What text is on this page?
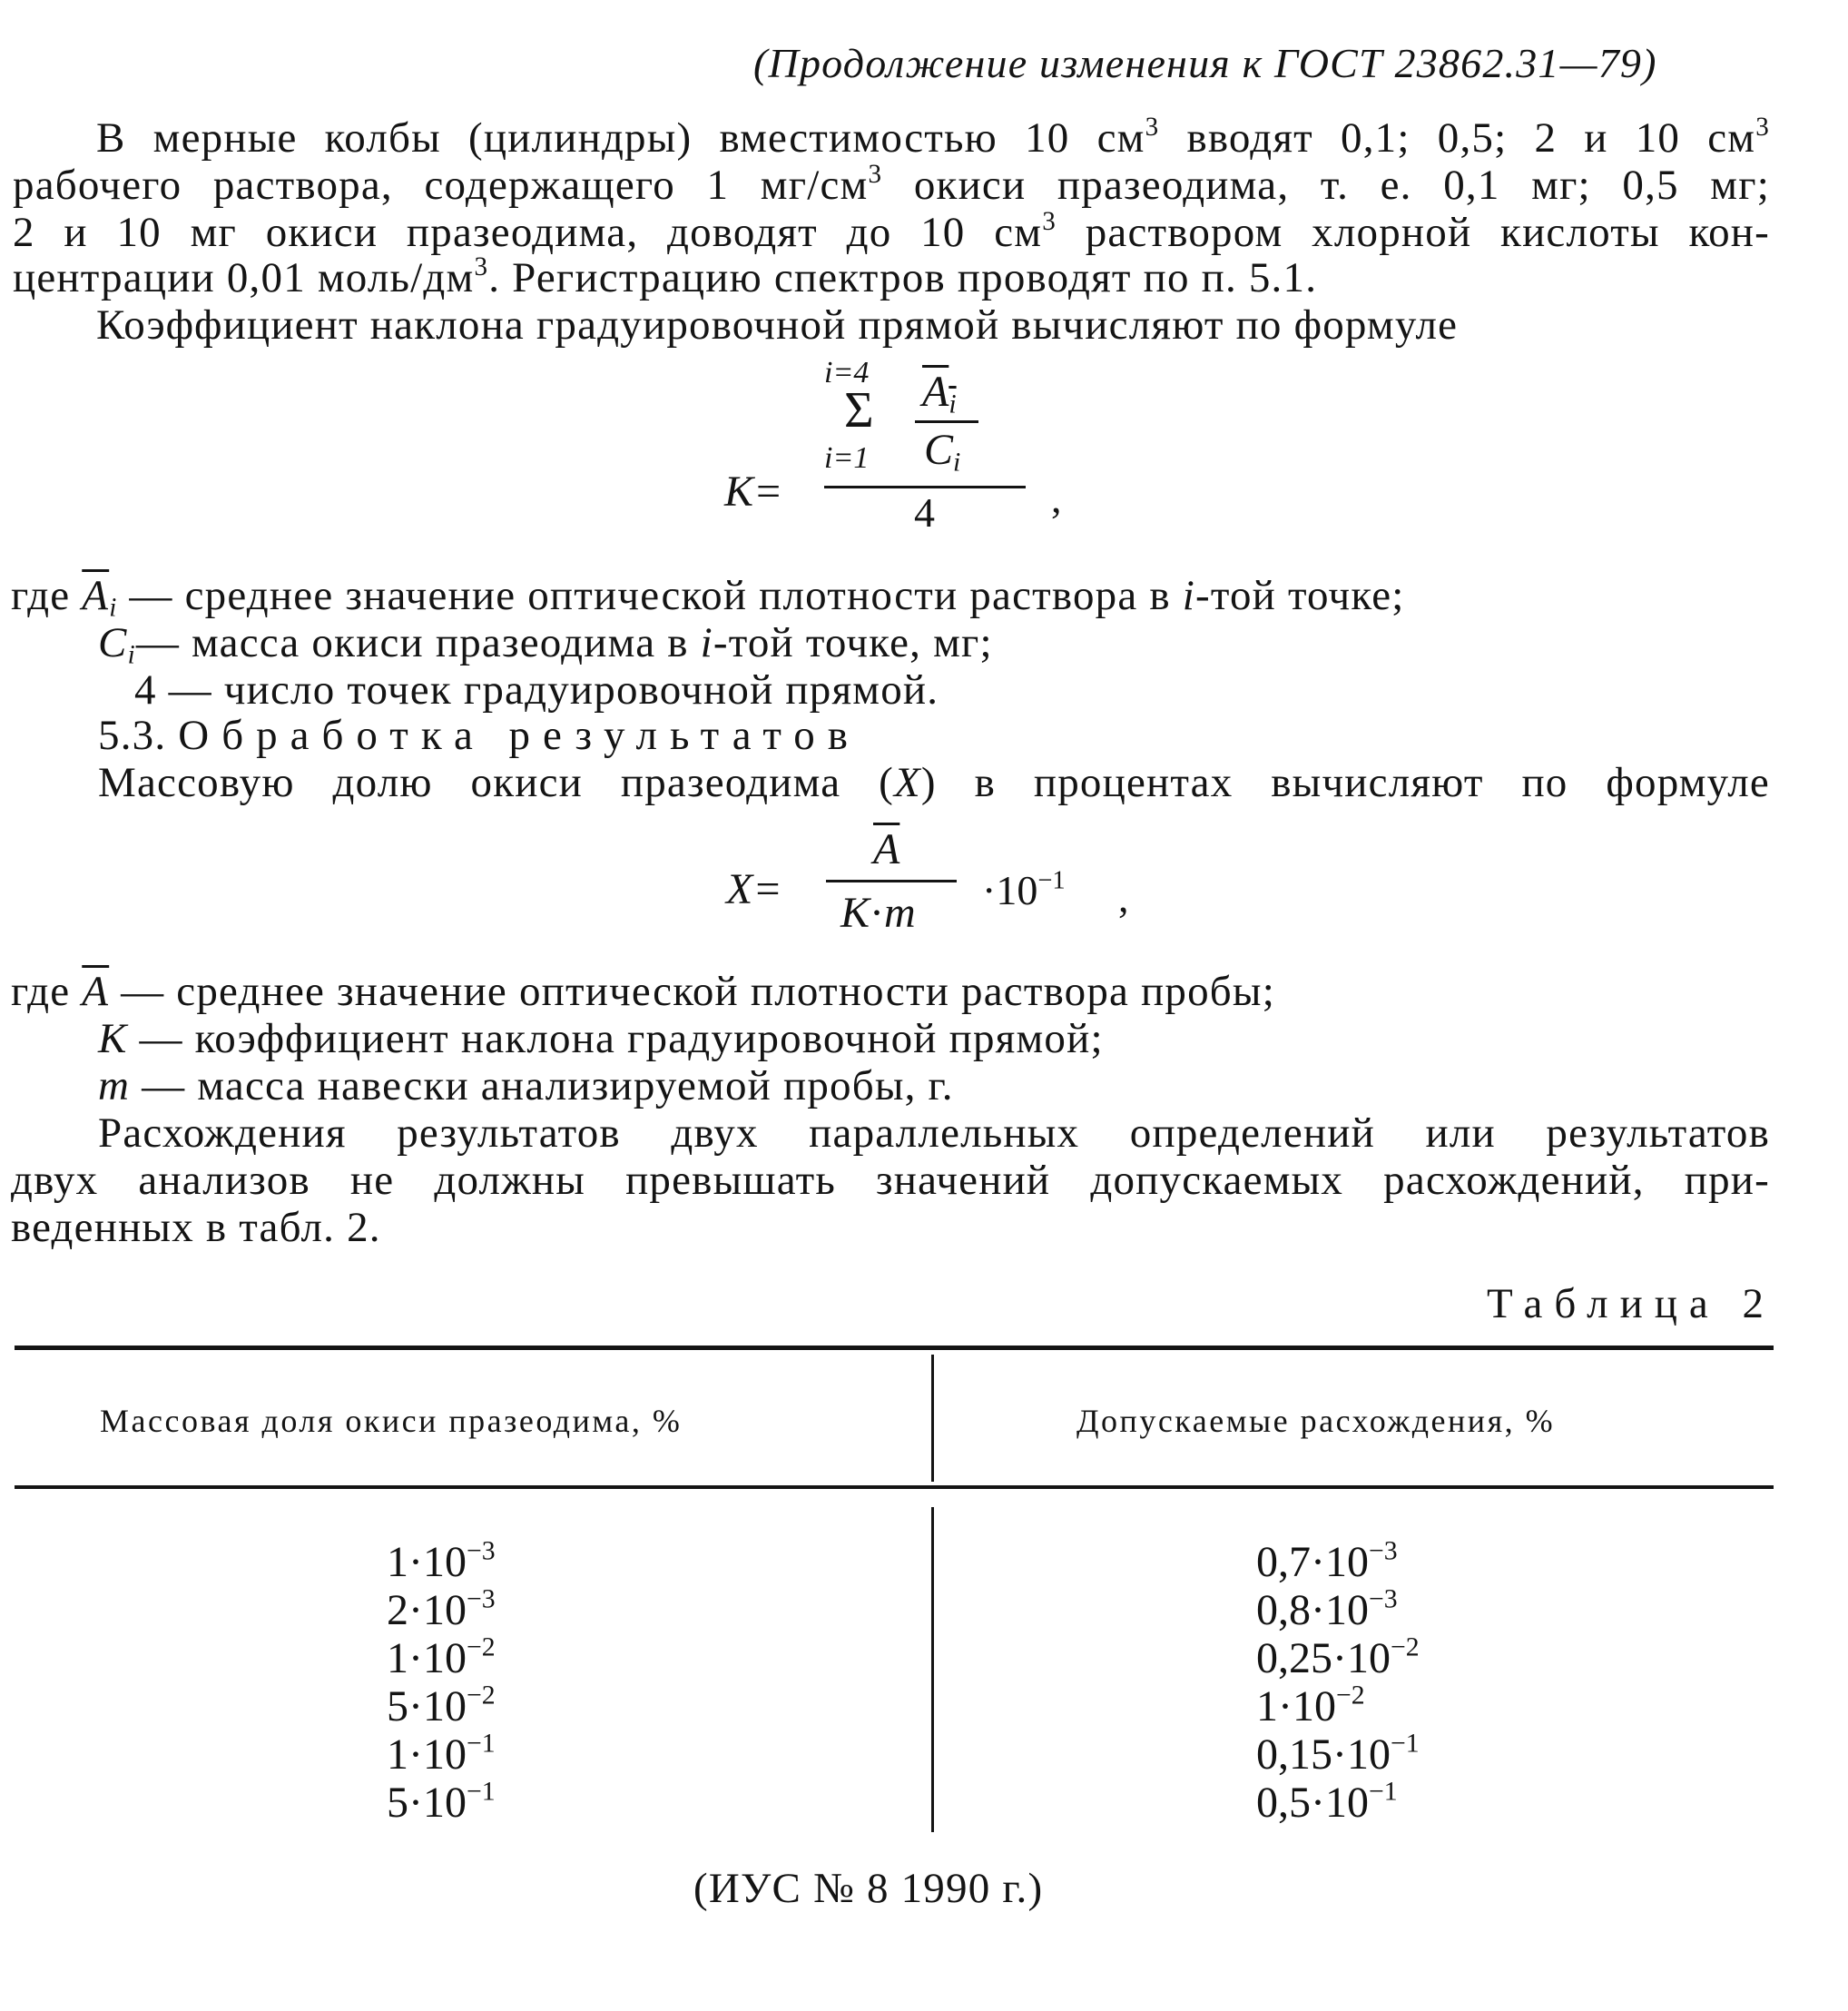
(Продолжение изменения к ГОСТ 23862.31—79)
В мерные колбы (цилиндры) вместимостью 10 $см^3$ вводят 0,1; 0,5; 2 и 10 $см^3$
рабочего раствора, содержащего 1 $мг/см^3$ окиси празеодима, т. е. 0,1 мг; 0,5 мг;
2 и 10 мг окиси празеодима, доводят до 10 $см^3$ раствором хлорной кислоты кон-
центрации 0,01 моль/$дм^3$. Регистрацию спектров проводят по п. 5.1.
Коэффициент наклона градуировочной прямой вычисляют по формуле
K=
i=4
Σ
i=1
$A_i$
$C_i$
4	,
где $\overline{A}_i$ — среднее значение оптической плотности раствора в i-той точке;
$C_i—$ масса окиси празеодима в i-той точке, мг;
4 — число точек градуировочной прямой.
5.3. Обработка результатов
Массовую долю окиси празеодима (X) в процентах вычисляют по формуле
X=
$\overline{A}$
$K\cdot m \cdot 10^{-1}$ ,
где $\overline{A}$ — среднее значение оптической плотности раствора пробы;
K — коэффициент наклона градуировочной прямой;
m — масса навески анализируемой пробы, г.
Расхождения результатов двух параллельных определений или результатов
двух анализов не должны превышать значений допускаемых расхождений, при-
веденных в табл. 2.
Таблица 2
Массовая доля окиси празеодима, %	Допускаемые расхождения, %
$1\cdot 10^{-3}$
$2\cdot 10^{-3}$
$1\cdot 10^{-2}$
$5\cdot 10^{-2}$
$1\cdot 10^{-1}$
$5\cdot 10^{-1}$
$0,7\cdot 10^{-3}$
$0,8\cdot 10^{-3}$
$0,25\cdot 10^{-2}$
$1\cdot 10^{-2}$
$0,15\cdot 10^{-1}$
$0,5\cdot 10^{-1}$
(ИУС № 8 1990 г.)
